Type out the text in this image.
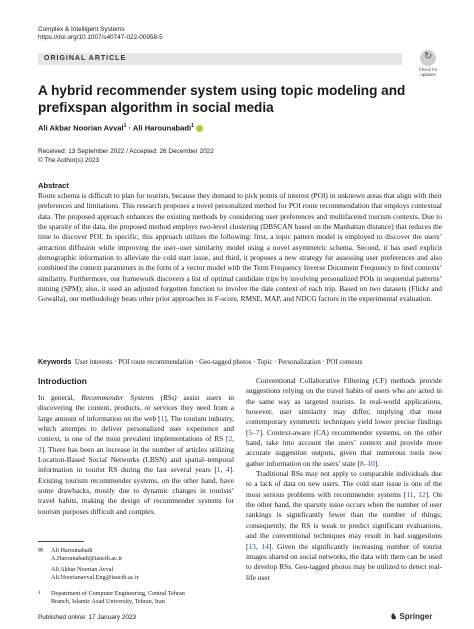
Complex & Intelligent Systems
https://doi.org/10.1007/s40747-022-00958-5
ORIGINAL ARTICLE	↻
Check for updates
A hybrid recommender system using topic modeling and prefixspan algorithm in social media
Ali Akbar Noorian Avval$^1$ · Ali Harounabadi$^1$
Received: 13 September 2022 / Accepted: 26 December 2022
© The Author(s) 2023
Abstract
Route schema is difficult to plan for tourists, because they demand to pick points of interest (POI) in unknown areas that align with their preferences and limitations. This research proposes a novel personalized method for POI route recommendation that employs contextual data. The proposed approach enhances the existing methods by considering user preferences and multifaceted tourism contexts. Due to the sparsity of the data, the proposed method employs two-level clustering (DBSCAN based on the Manhattan distance) that reduces the time to discover POI. In specific, this approach utilizes the following: first, a topic pattern model is employed to discover the users’ attraction diffusion while improving the user–user similarity model using a novel asymmetric schema. Second, it has used explicit demographic information to alleviate the cold start issue, and third, it proposes a new strategy for assessing user preferences and also combined the context parameters in the form of a vector model with the Term Frequency Inverse Document Frequency to find contexts’ similarity. Furthermore, our framework discovers a list of optimal candidate trips by involving personalized POIs in sequential patterns’ mining (SPM); also, it used an adjusted forgotten function to involve the date context of each trip. Based on two datasets (Flickr and Gowalla), our methodology beats other prior approaches in F-score, RMSE, MAP, and NDCG factors in the experimental evaluation.
Keywords User interests · POI route recommendation · Geo-tagged photos · Topic · Personalization · POI contexts
Introduction

In general, Recommender Systems (RSs) assist users in discovering the content, products, or services they need from a large amount of information on the web [1]. The tourism industry, which attempts to deliver personalized user experience and context, is one of the most prevalent implementations of RS [2, 3]. There has been an increase in the number of articles utilizing Location-Based Social Networks (LBSN) and spatial–temporal information in tourist RS during the last several years [1, 4]. Existing tourism recommender systems, on the other hand, have some drawbacks, mostly due to dynamic changes in tourists’ travel habits, making the design of recommender systems for tourism purposes difficult and complex.

Conventional Collaborative Filtering (CF) methods provide suggestions relying on the travel habits of users who are acted in the same way as targeted tourists. In real-world applications, however, user similarity may differ, implying that most contemporary symmetric techniques yield lower precise findings [5–7]. Context-aware (CA) recommender systems, on the other hand, take into account the users’ context and provide more accurate suggestion outputs, given that numerous tools now gather information on the users’ state [8–10].

Traditional RSs may not apply to comparable individuals due to a lack of data on new users. The cold start issue is one of the most serious problems with recommender systems [11, 12]. On the other hand, the sparsity issue occurs when the number of user rankings is significantly fewer than the number of things; consequently, the RS is weak to predict significant evaluations, and the conventional techniques may result in bad suggestions [13, 14]. Given the significantly increasing number of tourist images shared on social networks, the data with them can be used to develop RSs. Geo-tagged photos may be utilized to detect real-life user

✉ Ali Harounabadi
A.Harounabadi@iauctb.ac.ir
Ali Akbar Noorian Avval
Ali.Noorianavval.Eng@iauctb.ac.ir
1 Department of Computer Engineering, Central Tehran
Branch, Islamic Azad University, Tehran, Iran
Published online: 17 January 2023	♞ Springer
